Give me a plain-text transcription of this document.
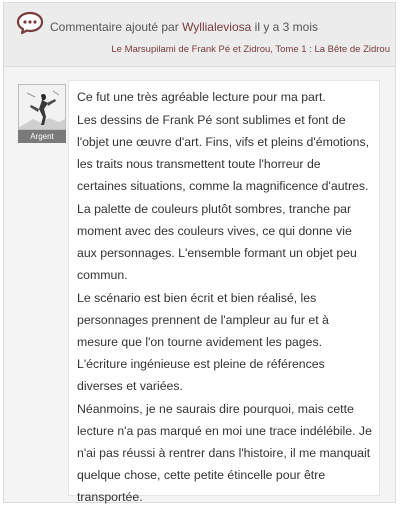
Commentaire ajouté par Wyllialeviosa il y a 3 mois
Le Marsupilami de Frank Pé et Zidrou, Tome 1 : La Bête de Zidrou
Argent

Ce fut une très agréable lecture pour ma part.

Les dessins de Frank Pé sont sublimes et font de l'objet une œuvre d'art. Fins, vifs et pleins d'émotions, les traits nous transmettent toute l'horreur de certaines situations, comme la magnificence d'autres.

La palette de couleurs plutôt sombres, tranche par moment avec des couleurs vives, ce qui donne vie aux personnages. L'ensemble formant un objet peu commun.

Le scénario est bien écrit et bien réalisé, les personnages prennent de l'ampleur au fur et à mesure que l'on tourne avidement les pages. L'écriture ingénieuse est pleine de références diverses et variées.

Néanmoins, je ne saurais dire pourquoi, mais cette lecture n'a pas marqué en moi une trace indélébile. Je n'ai pas réussi à rentrer dans l'histoire, il me manquait quelque chose, cette petite étincelle pour être transportée.
